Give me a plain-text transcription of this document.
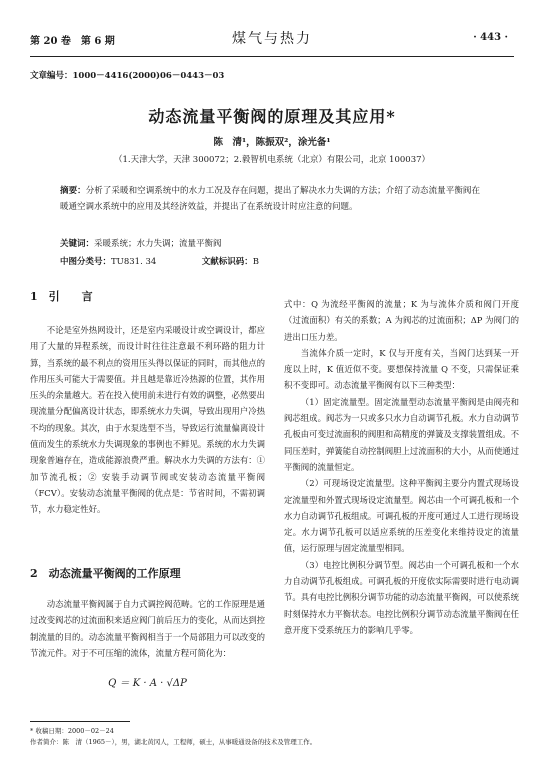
第 20 卷　第 6 期	煤气与热力	· 443 ·
文章编号：1000－4416(2000)06－0443－03
动态流量平衡阀的原理及其应用*
陈　清¹，陈振双²，涂光备¹
（1.天津大学，天津 300072；2.毅智机电系统（北京）有限公司，北京 100037）
摘要：分析了采暖和空调系统中的水力工况及存在问题，提出了解决水力失调的方法；介绍了动态流量平衡阀在暖通空调水系统中的应用及其经济效益，并提出了在系统设计时应注意的问题。
关键词：采暖系统；水力失调；流量平衡阀
中图分类号：TU831. 34	文献标识码：B
1　引　　言
不论是室外热网设计，还是室内采暖设计或空调设计，都应用了大量的异程系统，而设计时往往注意最不利环路的阻力计算，当系统的最不利点的资用压头得以保证的同时，而其他点的作用压头可能大于需要值。并且越是靠近冷热源的位置，其作用压头的余量越大。若在投入使用前未进行有效的调整，必然要出现流量分配偏离设计状态，即系统水力失调，导致出现用户冷热不均的现象。其次，由于水泵选型不当，导致运行流量偏离设计值而发生的系统水力失调现象的事例也不鲜见。系统的水力失调现象普遍存在，造成能源浪费严重。解决水力失调的方法有：① 加节流孔板；② 安装手动调节阀或安装动态流量平衡阀（FCV）。安装动态流量平衡阀的优点是：节省时间，不需初调节，水力稳定性好。
2　动态流量平衡阀的工作原理
动态流量平衡阀属于自力式调控阀范畴。它的工作原理是通过改变阀芯的过流面积来适应阀门前后压力的变化，从而达到控制流量的目的。动态流量平衡阀相当于一个局部阻力可以改变的节流元件。对于不可压缩的流体，流量方程可简化为：
Q ＝ K · A · √ΔP
式中：Q 为流经平衡阀的流量；K 为与流体介质和阀门开度（过流面积）有关的系数；A 为阀芯的过流面积；ΔP 为阀门的进出口压力差。
当流体介质一定时，K 仅与开度有关，当阀门达到某一开度以上时，K 值近似不变。要想保持流量 Q 不变，只需保证乘积不变即可。动态流量平衡阀有以下三种类型：
（1）固定流量型。固定流量型动态流量平衡阀是由阀壳和阀芯组成。阀芯为一只或多只水力自动调节孔板。水力自动调节孔板由可变过流面积的阀胆和高精度的弹簧及支撑装置组成。不同压差时，弹簧能自动控制阀胆上过流面积的大小，从而使通过平衡阀的流量恒定。
（2）可现场设定流量型。这种平衡阀主要分内置式现场设定流量型和外置式现场设定流量型。阀芯由一个可调孔板和一个水力自动调节孔板组成。可调孔板的开度可通过人工进行现场设定。水力调节孔板可以适应系统的压差变化来维持设定的流量值，运行原理与固定流量型相同。
（3）电控比例积分调节型。阀芯由一个可调孔板和一个水力自动调节孔板组成。可调孔板的开度依实际需要时进行电动调节。具有电控比例积分调节功能的动态流量平衡阀，可以使系统时刻保持水力平衡状态。电控比例积分调节动态流量平衡阀在任意开度下受系统压力的影响几乎零。
* 收稿日期：2000－02－24
作者简介：陈　清（1965－），男，湖北黄冈人，工程师，硕士，从事暖通设备的技术及管理工作。
